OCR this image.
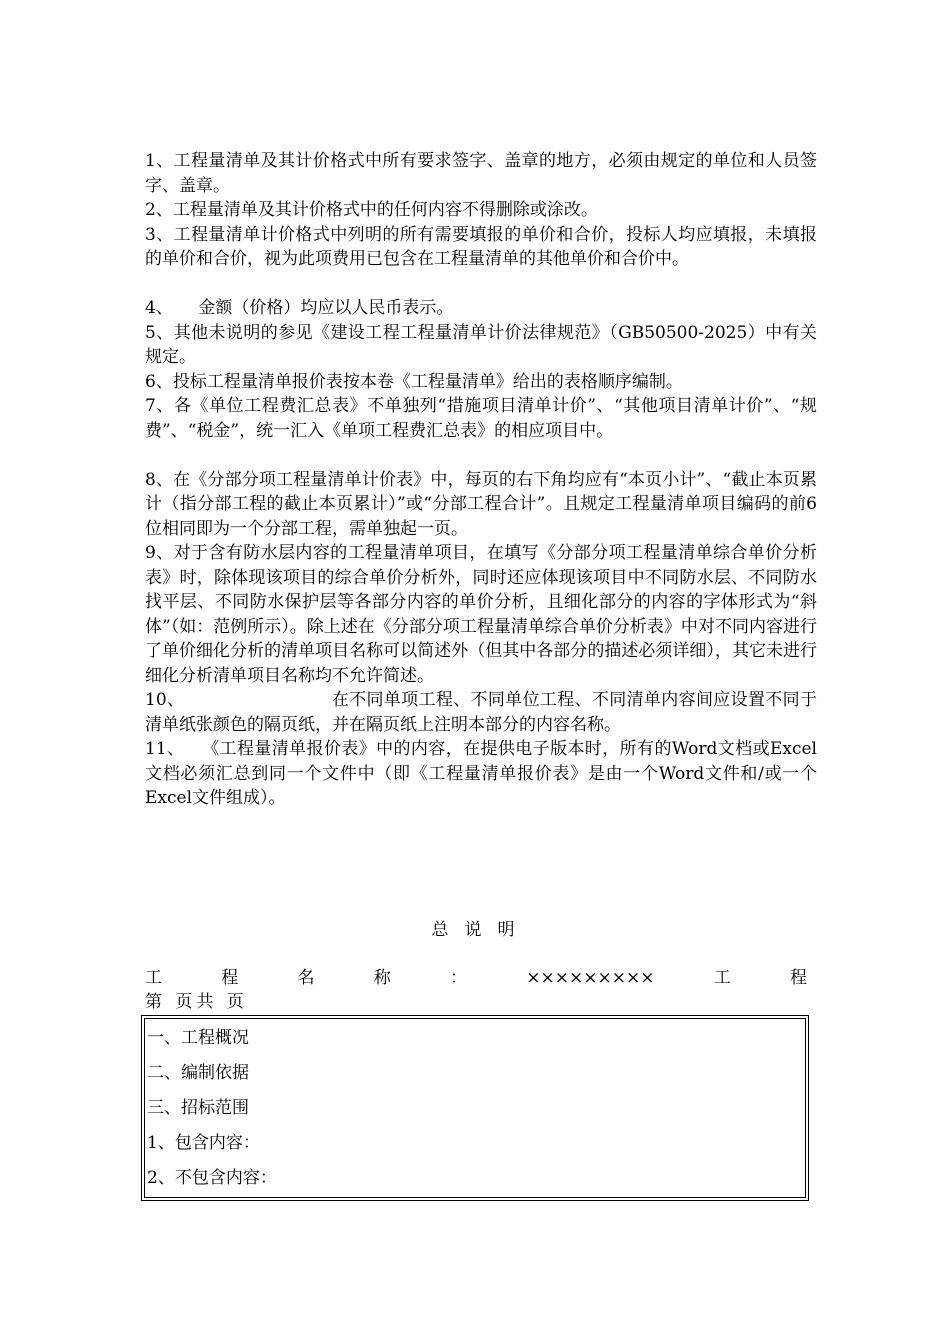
1、工程量清单及其计价格式中所有要求签字、盖章的地方，必须由规定的单位和人员签字、盖章。

2、工程量清单及其计价格式中的任何内容不得删除或涂改。

3、工程量清单计价格式中列明的所有需要填报的单价和合价，投标人均应填报，未填报的单价和合价，视为此项费用已包含在工程量清单的其他单价和合价中。

4、　　金额（价格）均应以人民币表示。

5、其他未说明的参见《建设工程工程量清单计价法律规范》（GB50500-2025）中有关规定。

6、投标工程量清单报价表按本卷《工程量清单》给出的表格顺序编制。

7、各《单位工程费汇总表》不单独列“措施项目清单计价”、“其他项目清单计价”、“规费”、“税金”，统一汇入《单项工程费汇总表》的相应项目中。

8、在《分部分项工程量清单计价表》中，每页的右下角均应有“本页小计”、“截止本页累计（指分部工程的截止本页累计）”或“分部工程合计”。且规定工程量清单项目编码的前6位相同即为一个分部工程，需单独起一页。

9、对于含有防水层内容的工程量清单项目，在填写《分部分项工程量清单综合单价分析表》时，除体现该项目的综合单价分析外，同时还应体现该项目中不同防水层、不同防水找平层、不同防水保护层等各部分内容的单价分析，且细化部分的内容的字体形式为“斜体”（如：范例所示）。除上述在《分部分项工程量清单综合单价分析表》中对不同内容进行了单价细化分析的清单项目名称可以简述外（但其中各部分的描述必须详细），其它未进行细化分析清单项目名称均不允许简述。

10、　　　　　　　　　在不同单项工程、不同单位工程、不同清单内容间应设置不同于清单纸张颜色的隔页纸，并在隔页纸上注明本部分的内容名称。

11、　　《工程量清单报价表》中的内容，在提供电子版本时，所有的Word文档或Excel文档必须汇总到同一个文件中（即《工程量清单报价表》是由一个Word文件和/或一个Excel文件组成）。

总说明
工	程	名	称	：	×××××××××	工	程
第 页共 页
一、工程概况
二、编制依据
三、招标范围
1、包含内容：
2、不包含内容：
